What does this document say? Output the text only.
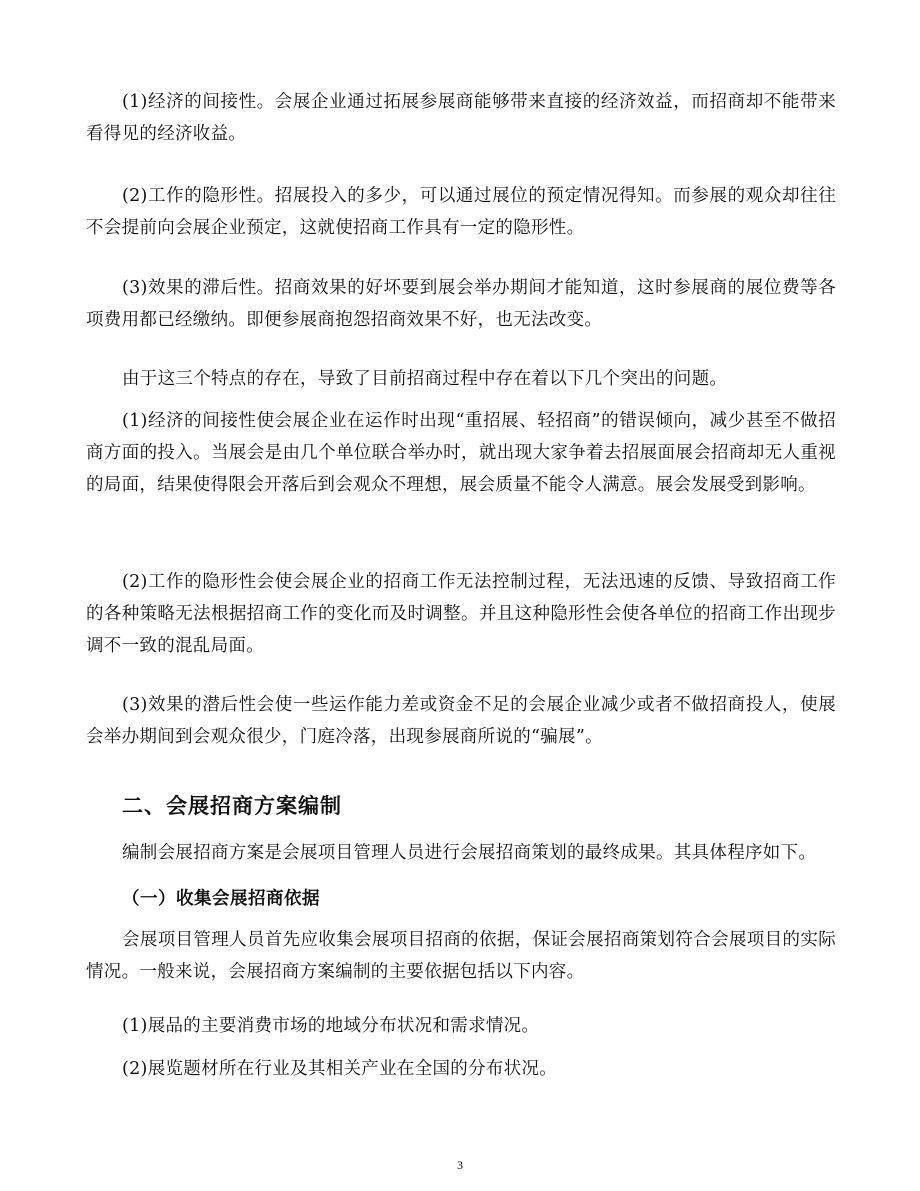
(1)经济的间接性。会展企业通过拓展参展商能够带来直接的经济效益，而招商却不能带来看得见的经济收益。

(2)工作的隐形性。招展投入的多少，可以通过展位的预定情况得知。而参展的观众却往往不会提前向会展企业预定，这就使招商工作具有一定的隐形性。

(3)效果的滞后性。招商效果的好坏要到展会举办期间才能知道，这时参展商的展位费等各项费用都已经缴纳。即便参展商抱怨招商效果不好，也无法改变。

由于这三个特点的存在，导致了目前招商过程中存在着以下几个突出的问题。

(1)经济的间接性使会展企业在运作时出现“重招展、轻招商”的错误倾向，减少甚至不做招商方面的投入。当展会是由几个单位联合举办时，就出现大家争着去招展面展会招商却无人重视的局面，结果使得限会开落后到会观众不理想，展会质量不能令人满意。展会发展受到影响。

(2)工作的隐形性会使会展企业的招商工作无法控制过程，无法迅速的反馈、导致招商工作的各种策略无法根据招商工作的变化而及时调整。并且这种隐形性会使各单位的招商工作出现步调不一致的混乱局面。

(3)效果的潜后性会使一些运作能力差或资金不足的会展企业减少或者不做招商投人，使展会举办期间到会观众很少，门庭冷落，出现参展商所说的“骗展”。

二、会展招商方案编制

编制会展招商方案是会展项目管理人员进行会展招商策划的最终成果。其具体程序如下。

（一）收集会展招商依据

会展项目管理人员首先应收集会展项目招商的依据，保证会展招商策划符合会展项目的实际情况。一般来说，会展招商方案编制的主要依据包括以下内容。

(1)展品的主要消费市场的地域分布状况和需求情况。

(2)展览题材所在行业及其相关产业在全国的分布状况。

3
